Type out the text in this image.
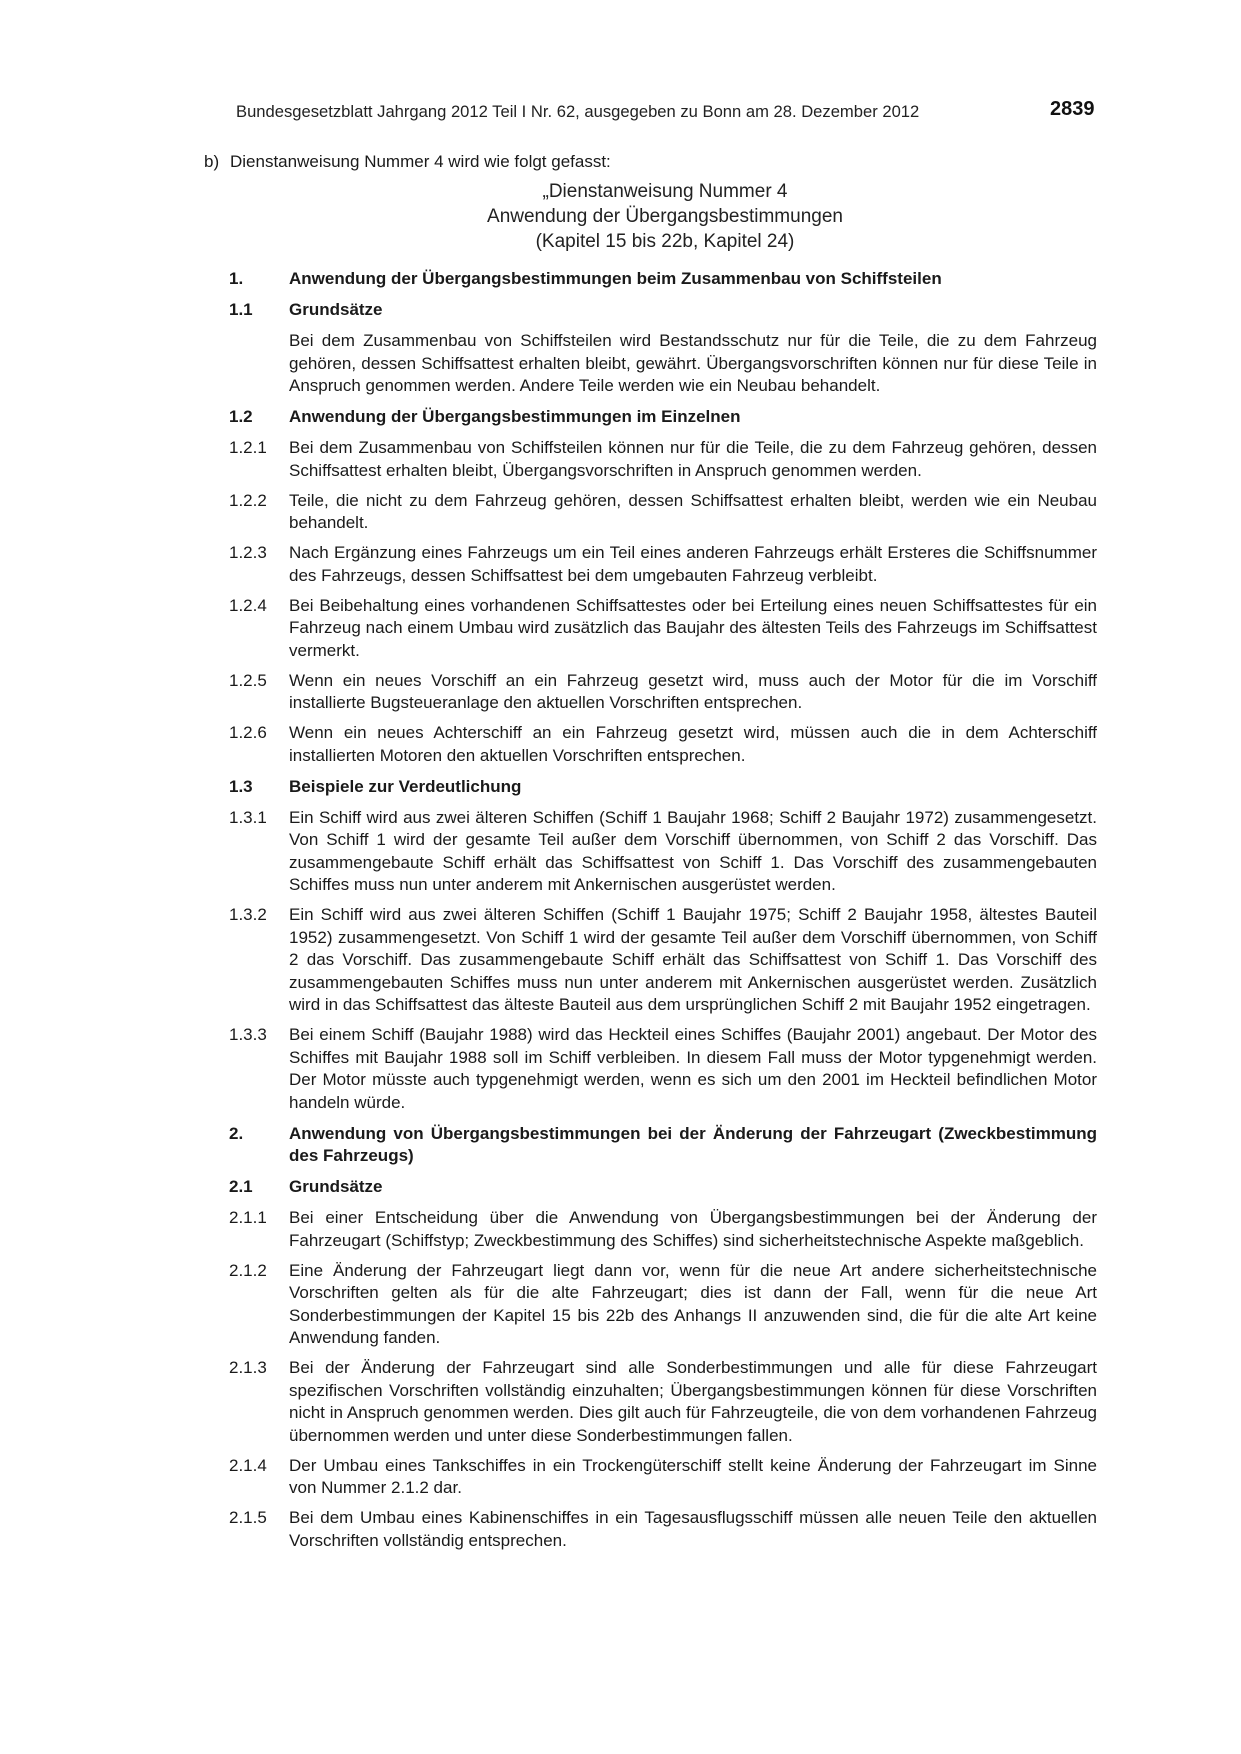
Bundesgesetzblatt Jahrgang 2012 Teil I Nr. 62, ausgegeben zu Bonn am 28. Dezember 2012	2839
b) Dienstanweisung Nummer 4 wird wie folgt gefasst:
„Dienstanweisung Nummer 4
Anwendung der Übergangsbestimmungen
(Kapitel 15 bis 22b, Kapitel 24)
1.	Anwendung der Übergangsbestimmungen beim Zusammenbau von Schiffsteilen
1.1	Grundsätze
Bei dem Zusammenbau von Schiffsteilen wird Bestandsschutz nur für die Teile, die zu dem Fahrzeug gehören, dessen Schiffsattest erhalten bleibt, gewährt. Übergangsvorschriften können nur für diese Teile in Anspruch genommen werden. Andere Teile werden wie ein Neubau behandelt.
1.2	Anwendung der Übergangsbestimmungen im Einzelnen
1.2.1	Bei dem Zusammenbau von Schiffsteilen können nur für die Teile, die zu dem Fahrzeug gehören, dessen Schiffsattest erhalten bleibt, Übergangsvorschriften in Anspruch genommen werden.
1.2.2	Teile, die nicht zu dem Fahrzeug gehören, dessen Schiffsattest erhalten bleibt, werden wie ein Neubau behandelt.
1.2.3	Nach Ergänzung eines Fahrzeugs um ein Teil eines anderen Fahrzeugs erhält Ersteres die Schiffsnummer des Fahrzeugs, dessen Schiffsattest bei dem umgebauten Fahrzeug verbleibt.
1.2.4	Bei Beibehaltung eines vorhandenen Schiffsattestes oder bei Erteilung eines neuen Schiffsattestes für ein Fahrzeug nach einem Umbau wird zusätzlich das Baujahr des ältesten Teils des Fahrzeugs im Schiffsattest vermerkt.
1.2.5	Wenn ein neues Vorschiff an ein Fahrzeug gesetzt wird, muss auch der Motor für die im Vorschiff installierte Bugsteueranlage den aktuellen Vorschriften entsprechen.
1.2.6	Wenn ein neues Achterschiff an ein Fahrzeug gesetzt wird, müssen auch die in dem Achterschiff installierten Motoren den aktuellen Vorschriften entsprechen.
1.3	Beispiele zur Verdeutlichung
1.3.1	Ein Schiff wird aus zwei älteren Schiffen (Schiff 1 Baujahr 1968; Schiff 2 Baujahr 1972) zusammengesetzt. Von Schiff 1 wird der gesamte Teil außer dem Vorschiff übernommen, von Schiff 2 das Vorschiff. Das zusammengebaute Schiff erhält das Schiffsattest von Schiff 1. Das Vorschiff des zusammengebauten Schiffes muss nun unter anderem mit Ankernischen ausgerüstet werden.
1.3.2	Ein Schiff wird aus zwei älteren Schiffen (Schiff 1 Baujahr 1975; Schiff 2 Baujahr 1958, ältestes Bauteil 1952) zusammengesetzt. Von Schiff 1 wird der gesamte Teil außer dem Vorschiff übernommen, von Schiff 2 das Vorschiff. Das zusammengebaute Schiff erhält das Schiffsattest von Schiff 1. Das Vorschiff des zusammengebauten Schiffes muss nun unter anderem mit Ankernischen ausgerüstet werden. Zusätzlich wird in das Schiffsattest das älteste Bauteil aus dem ursprünglichen Schiff 2 mit Baujahr 1952 eingetragen.
1.3.3	Bei einem Schiff (Baujahr 1988) wird das Heckteil eines Schiffes (Baujahr 2001) angebaut. Der Motor des Schiffes mit Baujahr 1988 soll im Schiff verbleiben. In diesem Fall muss der Motor typgenehmigt werden. Der Motor müsste auch typgenehmigt werden, wenn es sich um den 2001 im Heckteil befindlichen Motor handeln würde.
2.	Anwendung von Übergangsbestimmungen bei der Änderung der Fahrzeugart (Zweckbestimmung des Fahrzeugs)
2.1	Grundsätze
2.1.1	Bei einer Entscheidung über die Anwendung von Übergangsbestimmungen bei der Änderung der Fahrzeugart (Schiffstyp; Zweckbestimmung des Schiffes) sind sicherheitstechnische Aspekte maßgeblich.
2.1.2	Eine Änderung der Fahrzeugart liegt dann vor, wenn für die neue Art andere sicherheitstechnische Vorschriften gelten als für die alte Fahrzeugart; dies ist dann der Fall, wenn für die neue Art Sonderbestimmungen der Kapitel 15 bis 22b des Anhangs II anzuwenden sind, die für die alte Art keine Anwendung fanden.
2.1.3	Bei der Änderung der Fahrzeugart sind alle Sonderbestimmungen und alle für diese Fahrzeugart spezifischen Vorschriften vollständig einzuhalten; Übergangsbestimmungen können für diese Vorschriften nicht in Anspruch genommen werden. Dies gilt auch für Fahrzeugteile, die von dem vorhandenen Fahrzeug übernommen werden und unter diese Sonderbestimmungen fallen.
2.1.4	Der Umbau eines Tankschiffes in ein Trockengüterschiff stellt keine Änderung der Fahrzeugart im Sinne von Nummer 2.1.2 dar.
2.1.5	Bei dem Umbau eines Kabinenschiffes in ein Tagesausflugsschiff müssen alle neuen Teile den aktuellen Vorschriften vollständig entsprechen.
